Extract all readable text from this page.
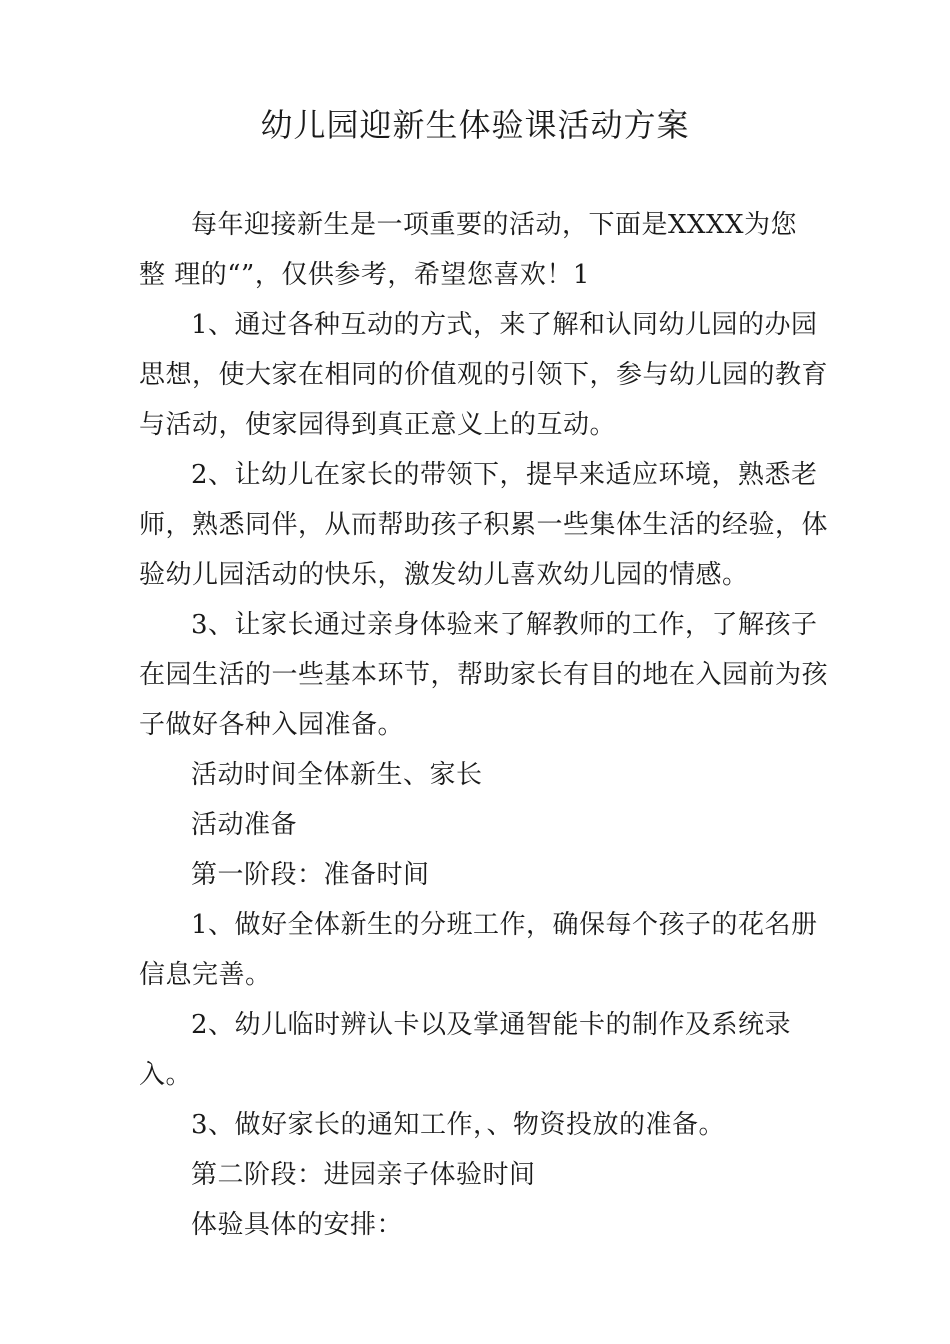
幼儿园迎新生体验课活动方案

每年迎接新生是一项重要的活动，下面是XXXX为您整 理的“”，仅供参考，希望您喜欢！1

1、通过各种互动的方式，来了解和认同幼儿园的办园思想，使大家在相同的价值观的引领下，参与幼儿园的教育与活动，使家园得到真正意义上的互动。

2、让幼儿在家长的带领下，提早来适应环境，熟悉老师，熟悉同伴，从而帮助孩子积累一些集体生活的经验，体验幼儿园活动的快乐，激发幼儿喜欢幼儿园的情感。

3、让家长通过亲身体验来了解教师的工作，了解孩子在园生活的一些基本环节，帮助家长有目的地在入园前为孩子做好各种入园准备。

活动时间全体新生、家长

活动准备

第一阶段：准备时间

1、做好全体新生的分班工作，确保每个孩子的花名册信息完善。

2、幼儿临时辨认卡以及掌通智能卡的制作及系统录入。

3、做好家长的通知工作，、物资投放的准备。

第二阶段：进园亲子体验时间

体验具体的安排：
